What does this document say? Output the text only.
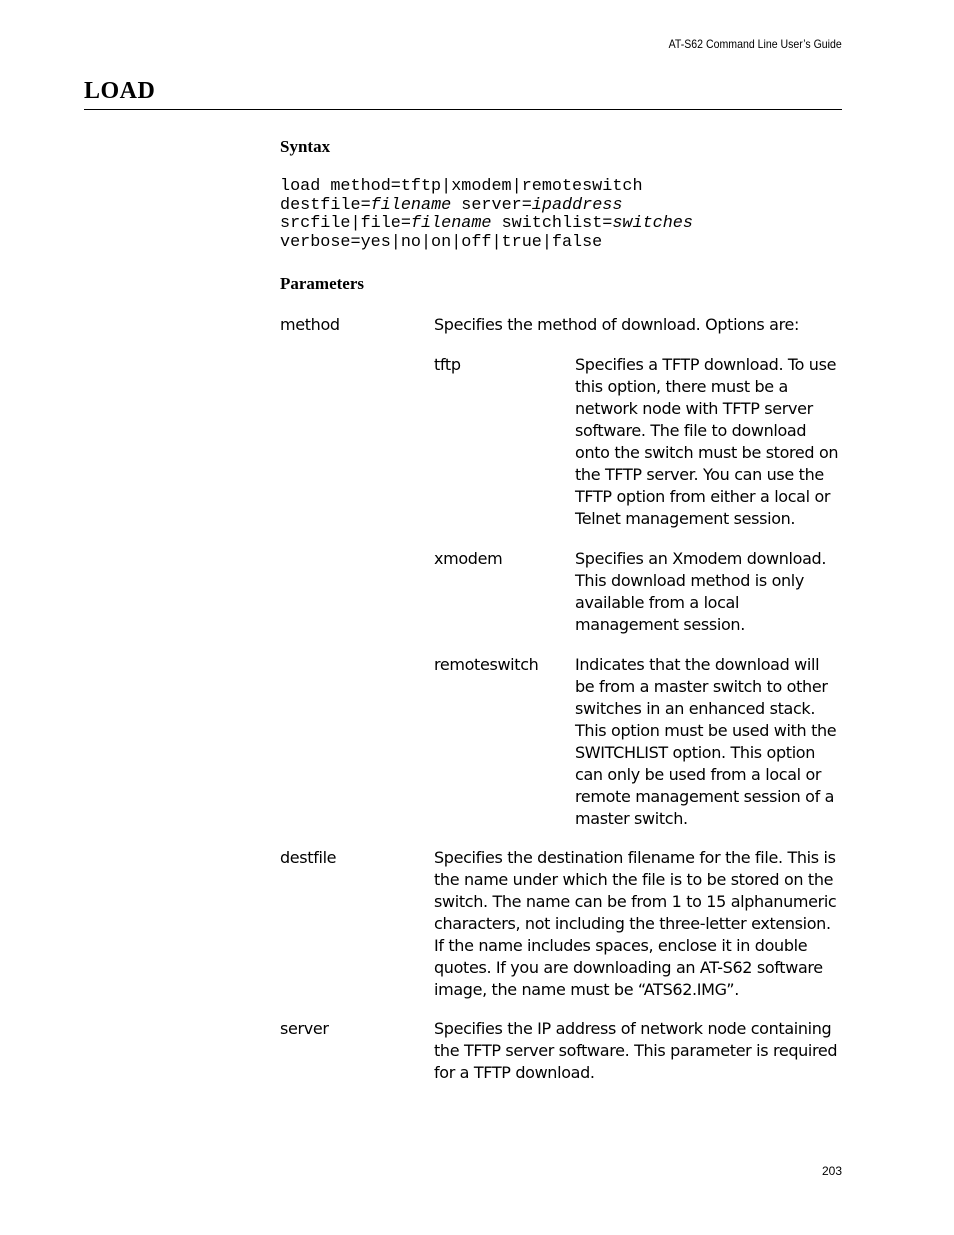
AT-S62 Command Line User’s Guide
LOAD
Syntax
load method=tftp|xmodem|remoteswitch
destfile=filename server=ipaddress
srcfile|file=filename switchlist=switches
verbose=yes|no|on|off|true|false
Parameters
method	Specifies the method of download. Options are:
tftp	Specifies a TFTP download. To use this option, there must be a network node with TFTP server software. The file to download onto the switch must be stored on the TFTP server. You can use the TFTP option from either a local or Telnet management session.
xmodem	Specifies an Xmodem download. This download method is only available from a local management session.
remoteswitch Indicates that the download will be from a master switch to other switches in an enhanced stack. This option must be used with the SWITCHLIST option. This option can only be used from a local or remote management session of a master switch.
destfile	Specifies the destination filename for the file. This is the name under which the file is to be stored on the switch. The name can be from 1 to 15 alphanumeric characters, not including the three-letter extension. If the name includes spaces, enclose it in double quotes. If you are downloading an AT-S62 software image, the name must be “ATS62.IMG”.
server	Specifies the IP address of network node containing the TFTP server software. This parameter is required for a TFTP download.
203
